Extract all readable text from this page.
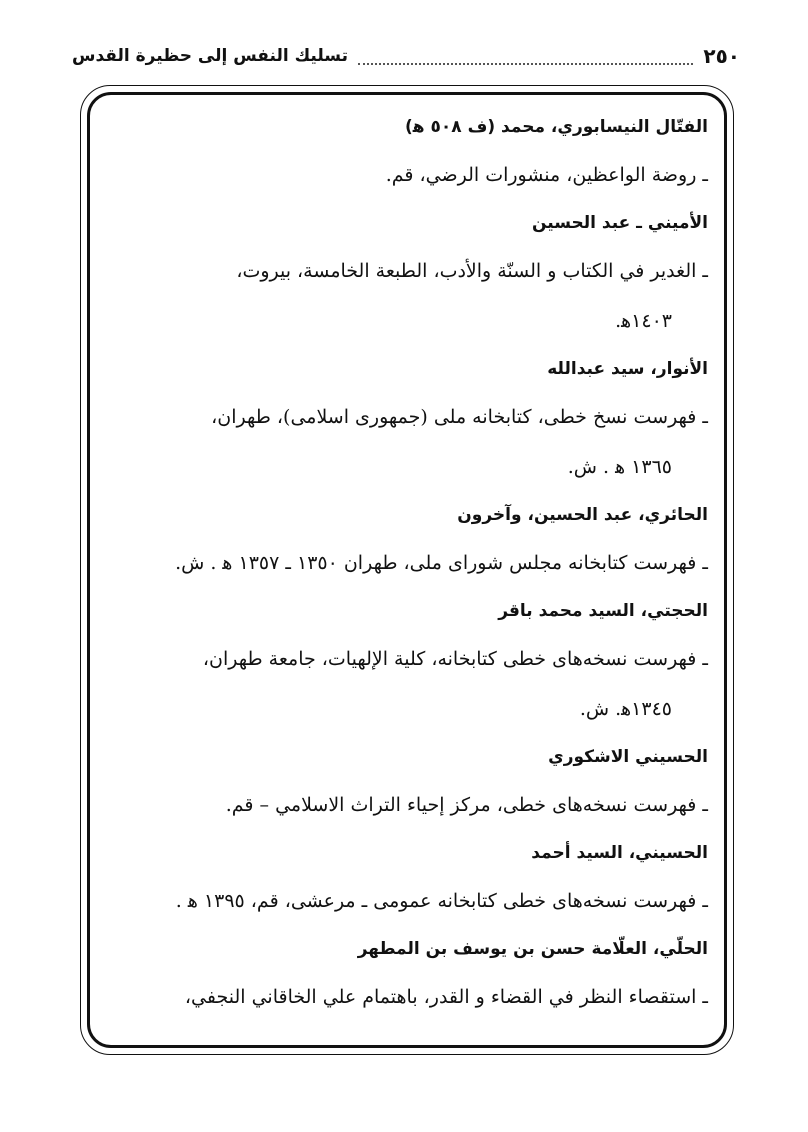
٢٥٠
تسليك النفس إلى حظيرة القدس
الفتّال النيسابوري، محمد (ف ٥٠٨ ﻫ)
ـ روضة الواعظين، منشورات الرضي، قم.
الأميني ـ عبد الحسين
ـ الغدير في الكتاب و السنّة والأدب، الطبعة الخامسة، بيروت،
١٤٠٣ﻫ.
الأنوار، سيد عبدالله
ـ فهرست نسخ خطى، كتابخانه ملى (جمهورى اسلامى)، طهران،
١٣٦٥ ﻫ . ش.
الحائري، عبد الحسين، وآخرون
ـ فهرست كتابخانه مجلس شوراى ملى، طهران ١٣٥٠ ـ ١٣٥٧ ﻫ . ش.
الحجتي، السيد محمد باقر
ـ فهرست نسخه‌هاى خطى كتابخانه، كلية الإلهيات، جامعة طهران،
١٣٤٥ﻫ. ش.
الحسيني الاشكوري
ـ فهرست نسخه‌هاى خطى، مركز إحياء التراث الاسلامي – قم.
الحسيني، السيد أحمد
ـ فهرست نسخه‌هاى خطى كتابخانه عمومى ـ مرعشى، قم، ١٣٩٥ ﻫ .
الحلّي، العلّامة حسن بن يوسف بن المطهر
ـ استقصاء النظر في القضاء و القدر، باهتمام علي الخاقاني النجفي،
